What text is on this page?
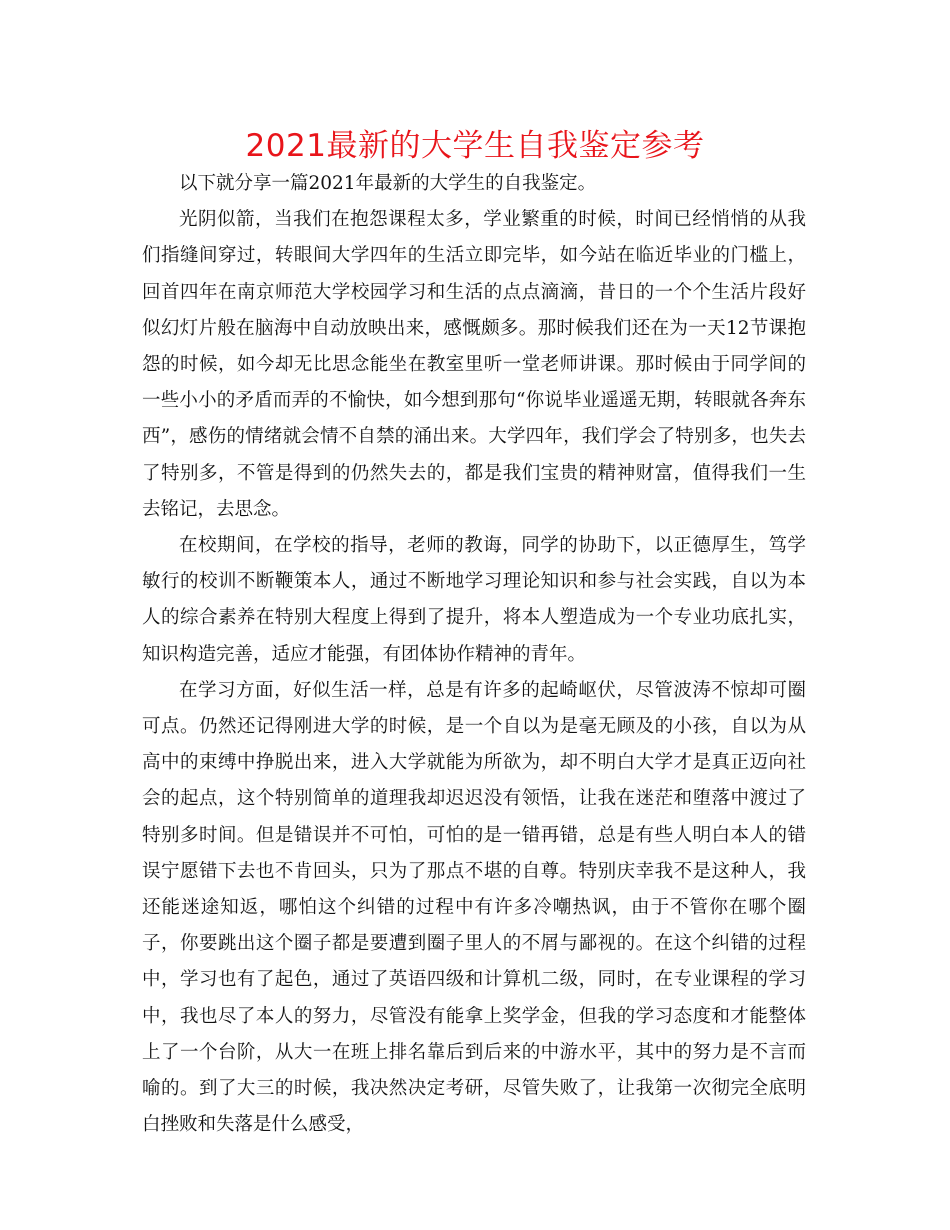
2021最新的大学生自我鉴定参考

以下就分享一篇2021年最新的大学生的自我鉴定。

光阴似箭，当我们在抱怨课程太多，学业繁重的时候，时间已经悄悄的从我们指缝间穿过，转眼间大学四年的生活立即完毕，如今站在临近毕业的门槛上，回首四年在南京师范大学校园学习和生活的点点滴滴，昔日的一个个生活片段好似幻灯片般在脑海中自动放映出来，感慨颇多。那时候我们还在为一天12节课抱怨的时候，如今却无比思念能坐在教室里听一堂老师讲课。那时候由于同学间的一些小小的矛盾而弄的不愉快，如今想到那句“你说毕业遥遥无期，转眼就各奔东西”，感伤的情绪就会情不自禁的涌出来。大学四年，我们学会了特别多，也失去了特别多，不管是得到的仍然失去的，都是我们宝贵的精神财富，值得我们一生去铭记，去思念。

在校期间，在学校的指导，老师的教诲，同学的协助下，以正德厚生，笃学敏行的校训不断鞭策本人，通过不断地学习理论知识和参与社会实践，自以为本人的综合素养在特别大程度上得到了提升，将本人塑造成为一个专业功底扎实，知识构造完善，适应才能强，有团体协作精神的青年。

在学习方面，好似生活一样，总是有许多的起崎岖伏，尽管波涛不惊却可圈可点。仍然还记得刚进大学的时候，是一个自以为是毫无顾及的小孩，自以为从高中的束缚中挣脱出来，进入大学就能为所欲为，却不明白大学才是真正迈向社会的起点，这个特别简单的道理我却迟迟没有领悟，让我在迷茫和堕落中渡过了特别多时间。但是错误并不可怕，可怕的是一错再错，总是有些人明白本人的错误宁愿错下去也不肯回头，只为了那点不堪的自尊。特别庆幸我不是这种人，我还能迷途知返，哪怕这个纠错的过程中有许多冷嘲热讽，由于不管你在哪个圈子，你要跳出这个圈子都是要遭到圈子里人的不屑与鄙视的。在这个纠错的过程中，学习也有了起色，通过了英语四级和计算机二级，同时，在专业课程的学习中，我也尽了本人的努力，尽管没有能拿上奖学金，但我的学习态度和才能整体上了一个台阶，从大一在班上排名靠后到后来的中游水平，其中的努力是不言而喻的。到了大三的时候，我决然决定考研，尽管失败了，让我第一次彻完全底明白挫败和失落是什么感受，
